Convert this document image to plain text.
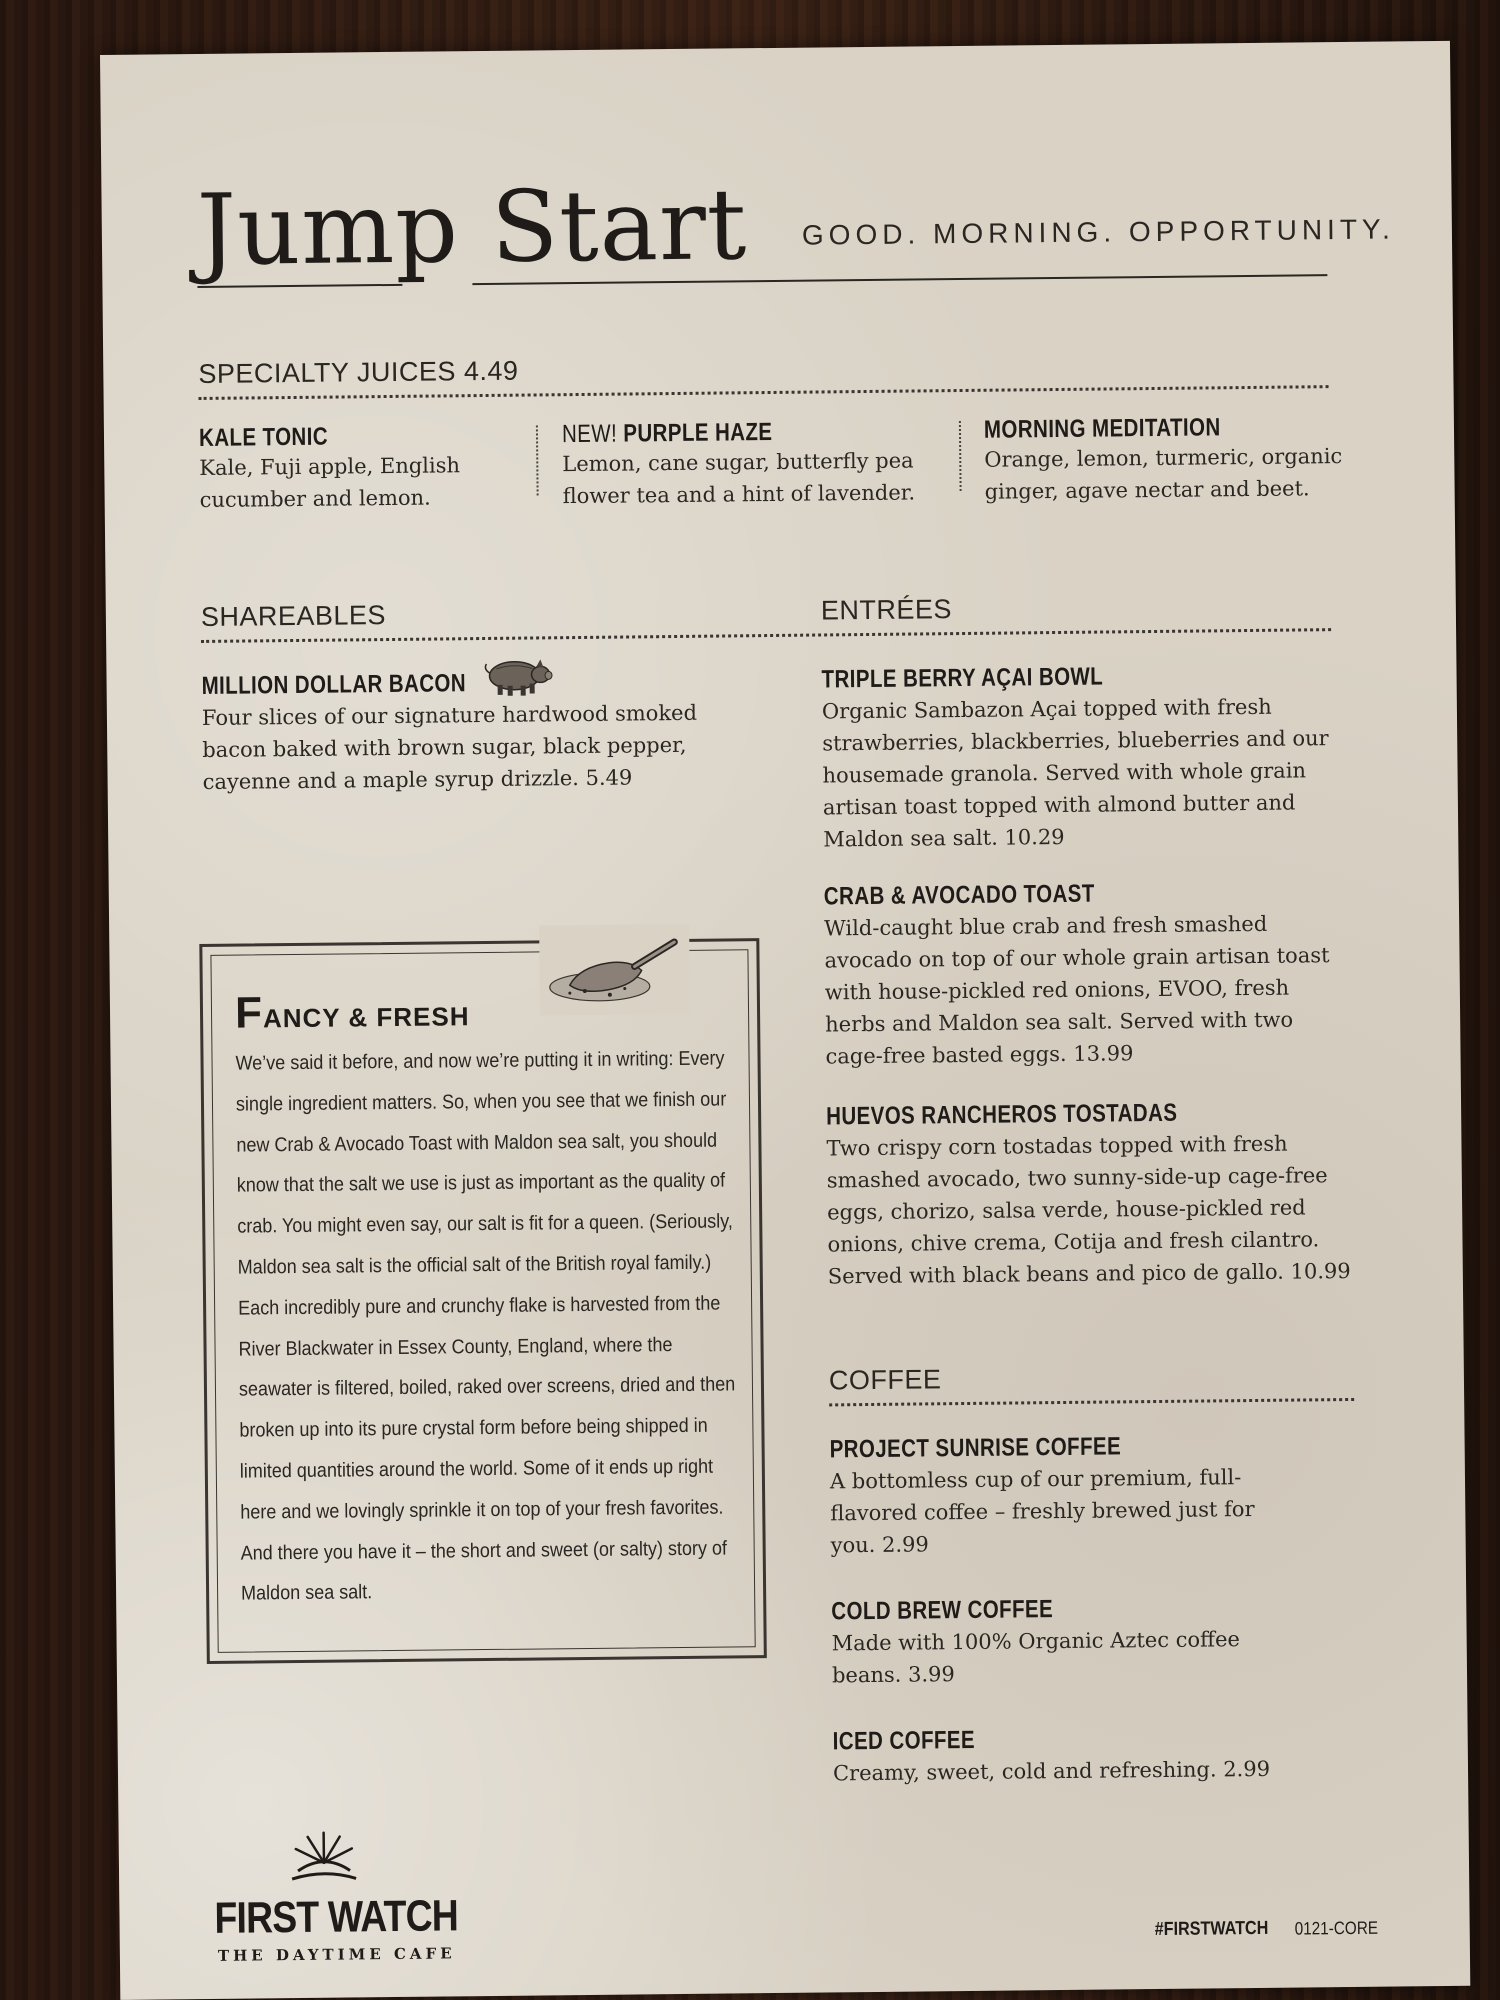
Jump Start GOOD. MORNING. OPPORTUNITY.
SPECIALTY JUICES 4.49
KALE TONIC
Kale, Fuji apple, English cucumber and lemon.
NEW! PURPLE HAZE
Lemon, cane sugar, butterfly pea flower tea and a hint of lavender.
MORNING MEDITATION
Orange, lemon, turmeric, organic ginger, agave nectar and beet.
SHAREABLES	ENTRÉES
MILLION DOLLAR BACON
Four slices of our signature hardwood smoked bacon baked with brown sugar, black pepper, cayenne and a maple syrup drizzle. 5.49
TRIPLE BERRY AÇAI BOWL
Organic Sambazon Açai topped with fresh strawberries, blackberries, blueberries and our housemade granola. Served with whole grain artisan toast topped with almond butter and Maldon sea salt. 10.29
CRAB & AVOCADO TOAST
Wild-caught blue crab and fresh smashed avocado on top of our whole grain artisan toast with house-pickled red onions, EVOO, fresh herbs and Maldon sea salt. Served with two cage-free basted eggs. 13.99
HUEVOS RANCHEROS TOSTADAS
Two crispy corn tostadas topped with fresh smashed avocado, two sunny-side-up cage-free eggs, chorizo, salsa verde, house-pickled red onions, chive crema, Cotija and fresh cilantro. Served with black beans and pico de gallo. 10.99
COFFEE
PROJECT SUNRISE COFFEE
A bottomless cup of our premium, full-flavored coffee – freshly brewed just for you. 2.99
COLD BREW COFFEE
Made with 100% Organic Aztec coffee beans. 3.99
ICED COFFEE
Creamy, sweet, cold and refreshing. 2.99
FANCY & FRESH
We’ve said it before, and now we’re putting it in writing: Every single ingredient matters. So, when you see that we finish our new Crab & Avocado Toast with Maldon sea salt, you should know that the salt we use is just as important as the quality of crab. You might even say, our salt is fit for a queen. (Seriously, Maldon sea salt is the official salt of the British royal family.) Each incredibly pure and crunchy flake is harvested from the River Blackwater in Essex County, England, where the seawater is filtered, boiled, raked over screens, dried and then broken up into its pure crystal form before being shipped in limited quantities around the world. Some of it ends up right here and we lovingly sprinkle it on top of your fresh favorites. And there you have it – the short and sweet (or salty) story of Maldon sea salt.
FIRST WATCH
THE DAYTIME CAFE
#FIRSTWATCH 0121-CORE
